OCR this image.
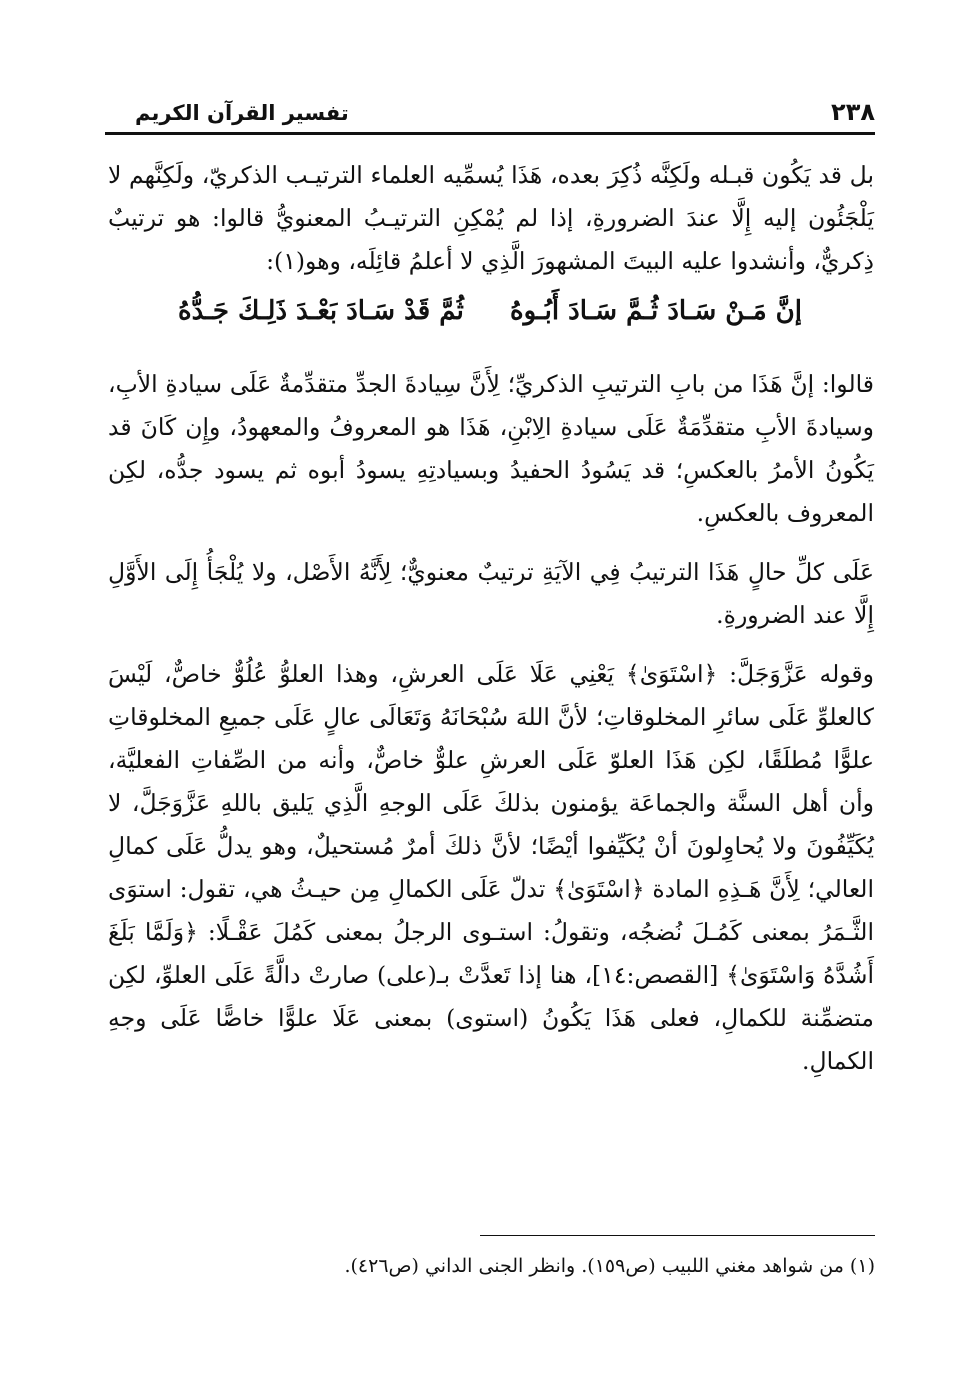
٢٣٨
تفسير القرآن الكريم

بل قد يَكُون قبـله ولَكِنَّه ذُكِرَ بعده، هَذَا يُسمِّيه العلماء الترتيـب الذكريّ، ولَكِنَّهم لا يَلْجَئُون إليه إِلَّا عندَ الضرورةِ، إذا لم يُمْكِنِ الترتيـبُ المعنويُّ قالوا: هو ترتيبٌ ذِكريٌّ، وأنشدوا عليه البيتَ المشهورَ الَّذِي لا أعلمُ قائِلَه، وهو(١):

إنَّ مَـنْ سَـادَ ثُـمَّ سَـادَ أَبُـوهُ
ثُمَّ قَدْ سَـادَ بَعْـدَ ذَلِـكَ جَـدُّهُ

قالوا: إنَّ هَذَا من بابِ الترتيبِ الذكريِّ؛ لِأَنَّ سِيادةَ الجدِّ متقدِّمةٌ عَلَى سيادةِ الأبِ، وسيادةَ الأبِ متقدِّمَةٌ عَلَى سيادةِ الِابْنِ، هَذَا هو المعروفُ والمعهودُ، وإِن كَانَ قد يَكُونُ الأمرُ بالعكسِ؛ قد يَسُودُ الحفيدُ وبسيادتِهِ يسودُ أبوه ثم يسود جدُّه، لكِن المعروف بالعكسِ.

عَلَى كلِّ حالٍ هَذَا الترتيبُ فِي الآيَةِ ترتيبٌ معنويٌّ؛ لِأَنَّهُ الأَصْل، ولا يُلْجَأُ إِلَى الأَوَّلِ إِلَّا عند الضرورةِ.

وقوله عَزَّوَجَلَّ: ﴿اسْتَوَىٰ﴾ يَعْنِي عَلَا عَلَى العرشِ، وهذا العلوُّ عُلُوٌّ خاصٌّ، لَيْسَ كالعلوِّ عَلَى سائرِ المخلوقاتِ؛ لأنَّ اللهَ سُبْحَانَهُ وَتَعَالَى عالٍ عَلَى جميعِ المخلوقاتِ علوًّا مُطلَقًا، لكِن هَذَا العلوّ عَلَى العرشِ علوٌّ خاصٌّ، وأنه من الصِّفاتِ الفعليَّة، وأن أهل السنَّة والجماعَة يؤمنون بذلكَ عَلَى الوجهِ الَّذِي يَليق باللهِ عَزَّوَجَلَّ، لا يُكَيِّفُونَ ولا يُحاوِلونَ أنْ يُكَيِّفوا أيْضًا؛ لأنَّ ذلكَ أمرٌ مُستحيلٌ، وهو يدلُّ عَلَى كمالِ العالي؛ لِأَنَّ هَـذِهِ المادة ﴿اسْتَوَىٰ﴾ تدلّ عَلَى الكمالِ مِن حيـثُ هي، تقول: استوَى الثَّـمَرُ بمعنى كَمُـلَ نُضجُه، وتقولُ: استـوى الرجلُ بمعنى كَمُلَ عَقْـلًا: ﴿وَلَمَّا بَلَغَ أَشُدَّهُ وَاسْتَوَىٰ﴾ [القصص:١٤]، هنا إذا تَعدَّتْ بـ(على) صارتْ دالَّةً عَلَى العلوِّ، لكِن متضمِّنة للكمالِ، فعلى هَذَا يَكُونُ (استوى) بمعنى عَلَا علوًّا خاصًّا عَلَى وجهِ الكمالِ.

(١) من شواهد مغني اللبيب (ص١٥٩). وانظر الجنى الداني (ص٤٢٦).
